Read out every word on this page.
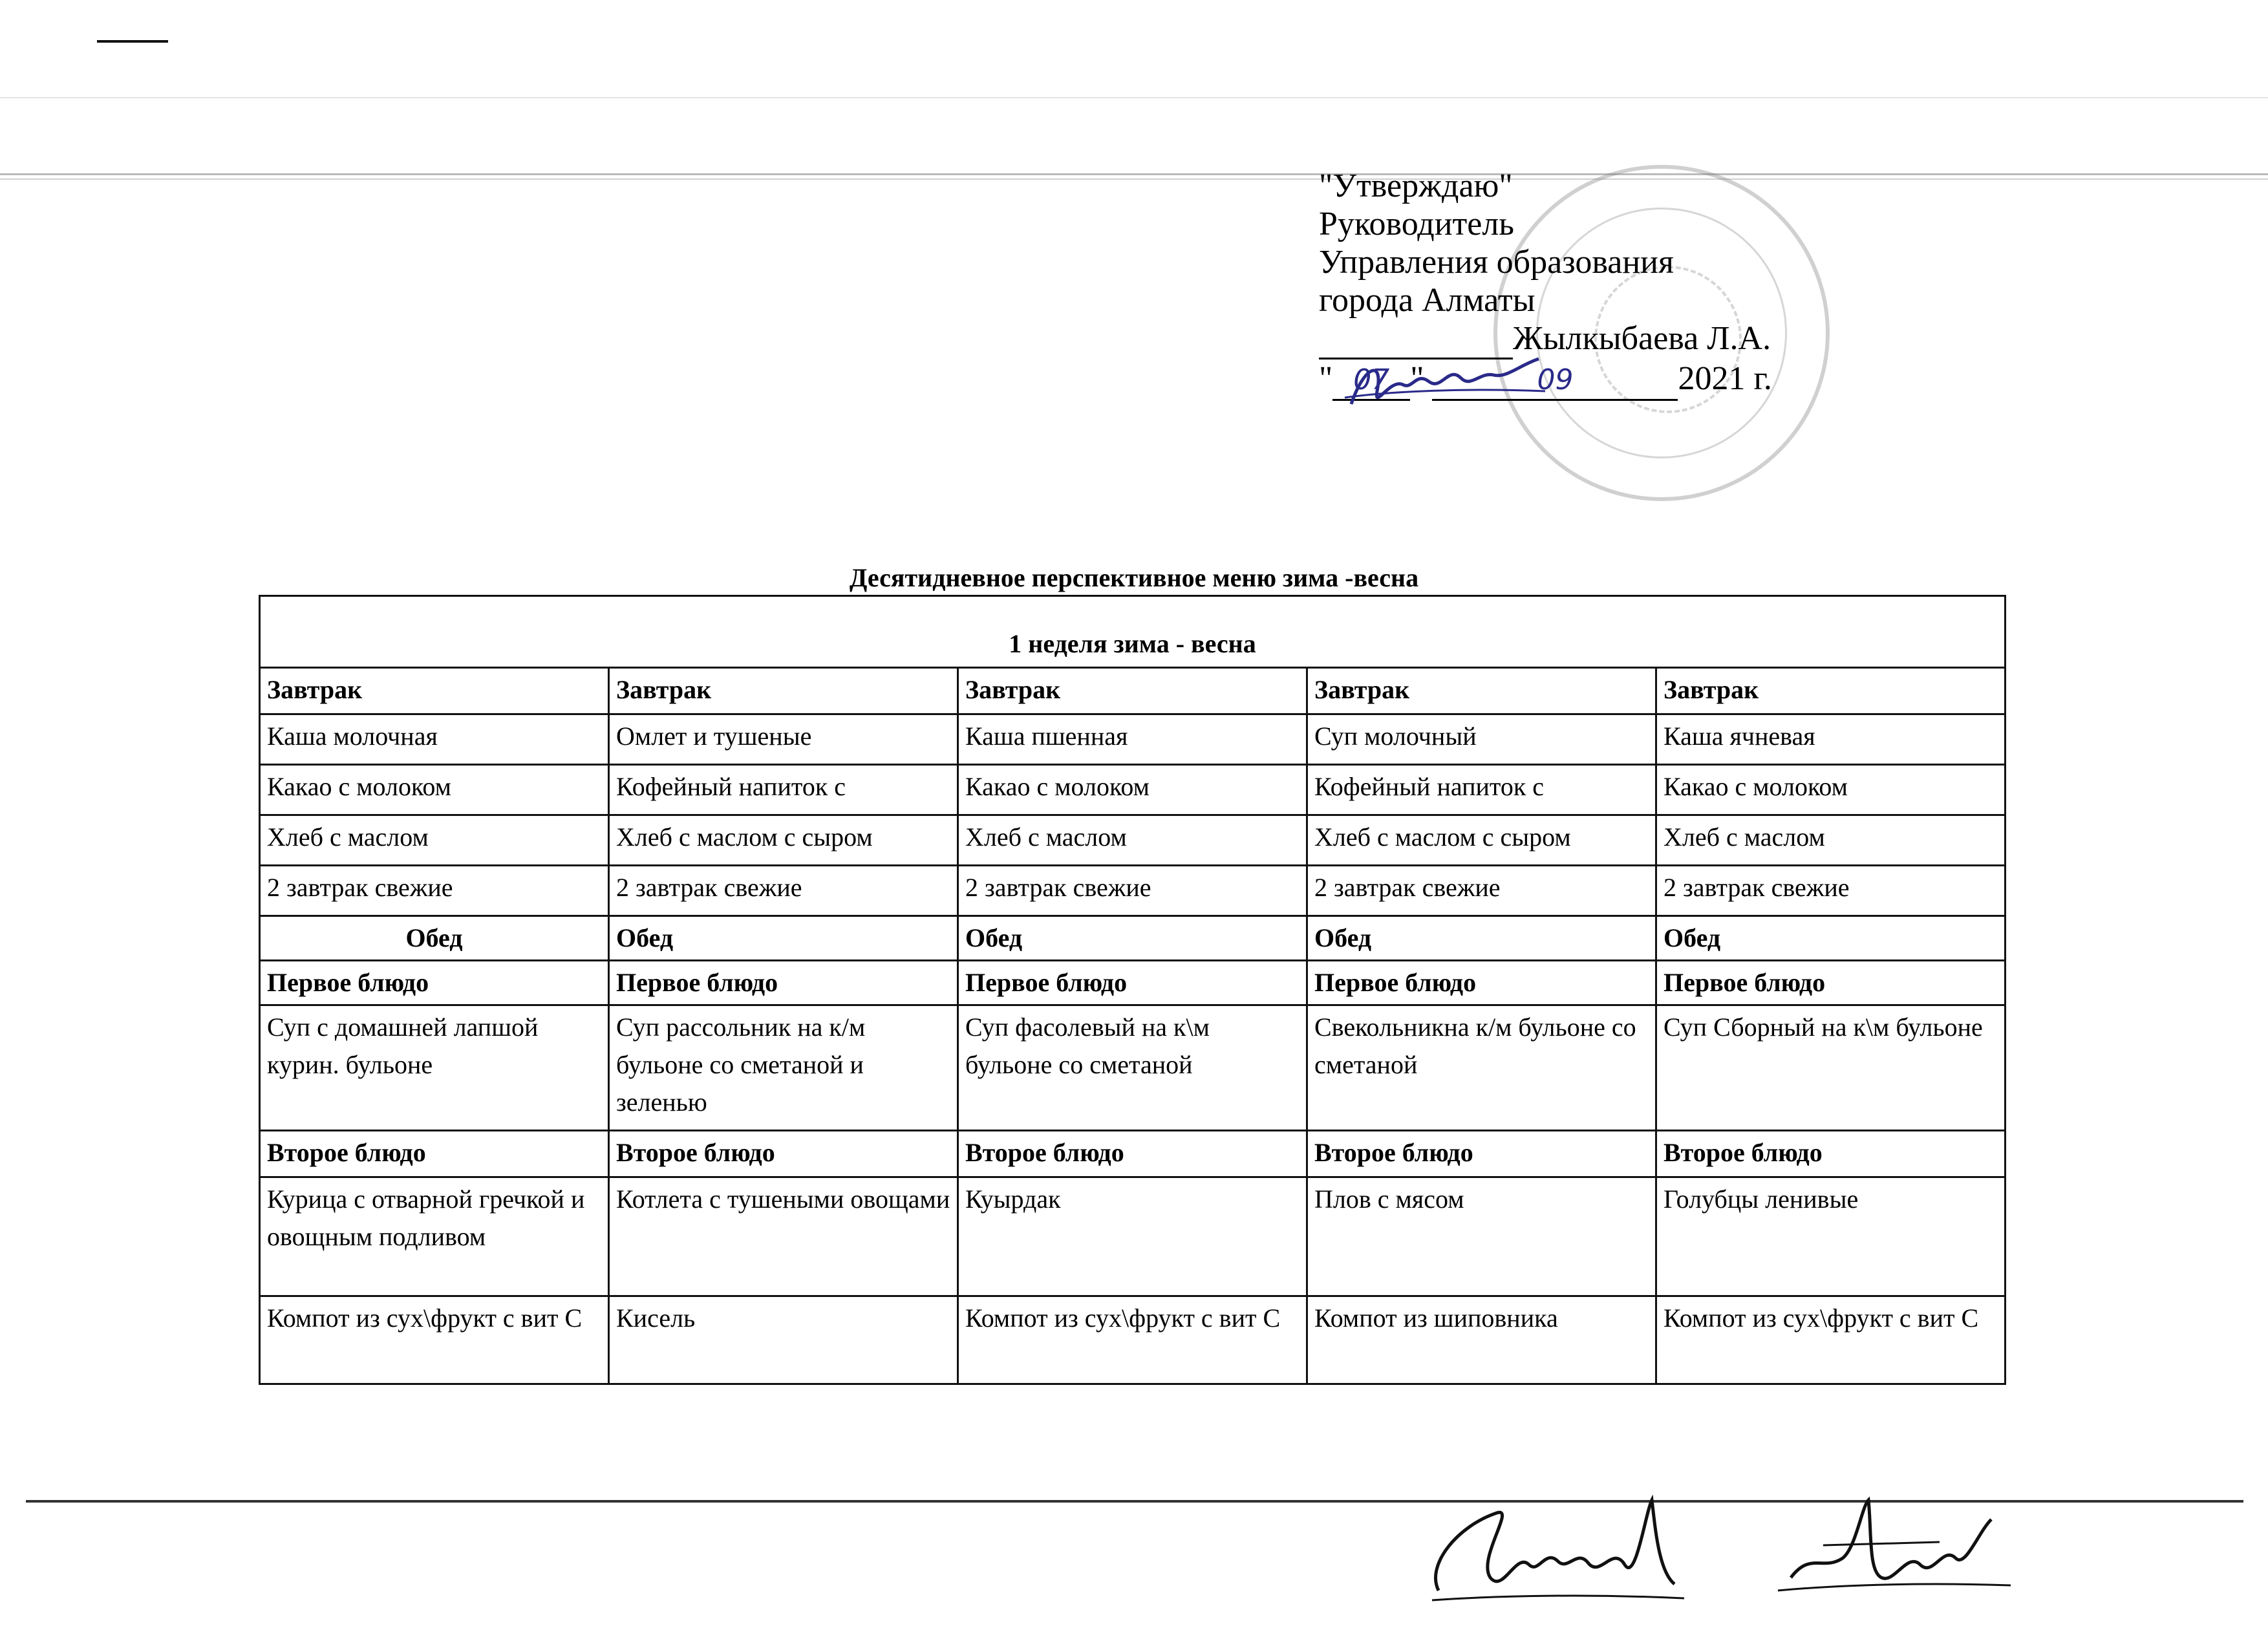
"Утверждаю"
Руководитель
Управления образования
города Алматы
Жылкыбаева Л.А.
" 07 "	09	2021 г.
Десятидневное перспективное меню зима -весна
1 неделя зима - весна				
Завтрак	Завтрак	Завтрак	Завтрак	Завтрак
Каша молочная	Омлет и тушеные	Каша пшенная	Суп молочный	Каша ячневая
Какао с молоком	Кофейный напиток с	Какао с молоком	Кофейный напиток с	Какао с молоком
Хлеб с маслом	Хлеб с маслом с сыром	Хлеб с маслом	Хлеб с маслом с сыром	Хлеб с маслом
2 завтрак свежие	2 завтрак свежие	2 завтрак свежие	2 завтрак свежие	2 завтрак свежие
Обед	Обед	Обед	Обед	Обед
Первое блюдо	Первое блюдо	Первое блюдо	Первое блюдо	Первое блюдо
Суп с домашней лапшой курин. бульоне	Суп рассольник на к/м бульоне со сметаной и зеленью	Суп фасолевый на к\м бульоне со сметаной	Свекольникна к/м бульоне со сметаной	Суп Сборный на к\м бульоне
Второе блюдо	Второе блюдо	Второе блюдо	Второе блюдо	Второе блюдо
Курица с отварной гречкой и овощным подливом	Котлета с тушеными овощами	Куырдак	Плов с мясом	Голубцы ленивые
Компот из сух\фрукт с вит С	Кисель	Компот из сух\фрукт с вит С	Компот из шиповника	Компот из сух\фрукт с вит С
